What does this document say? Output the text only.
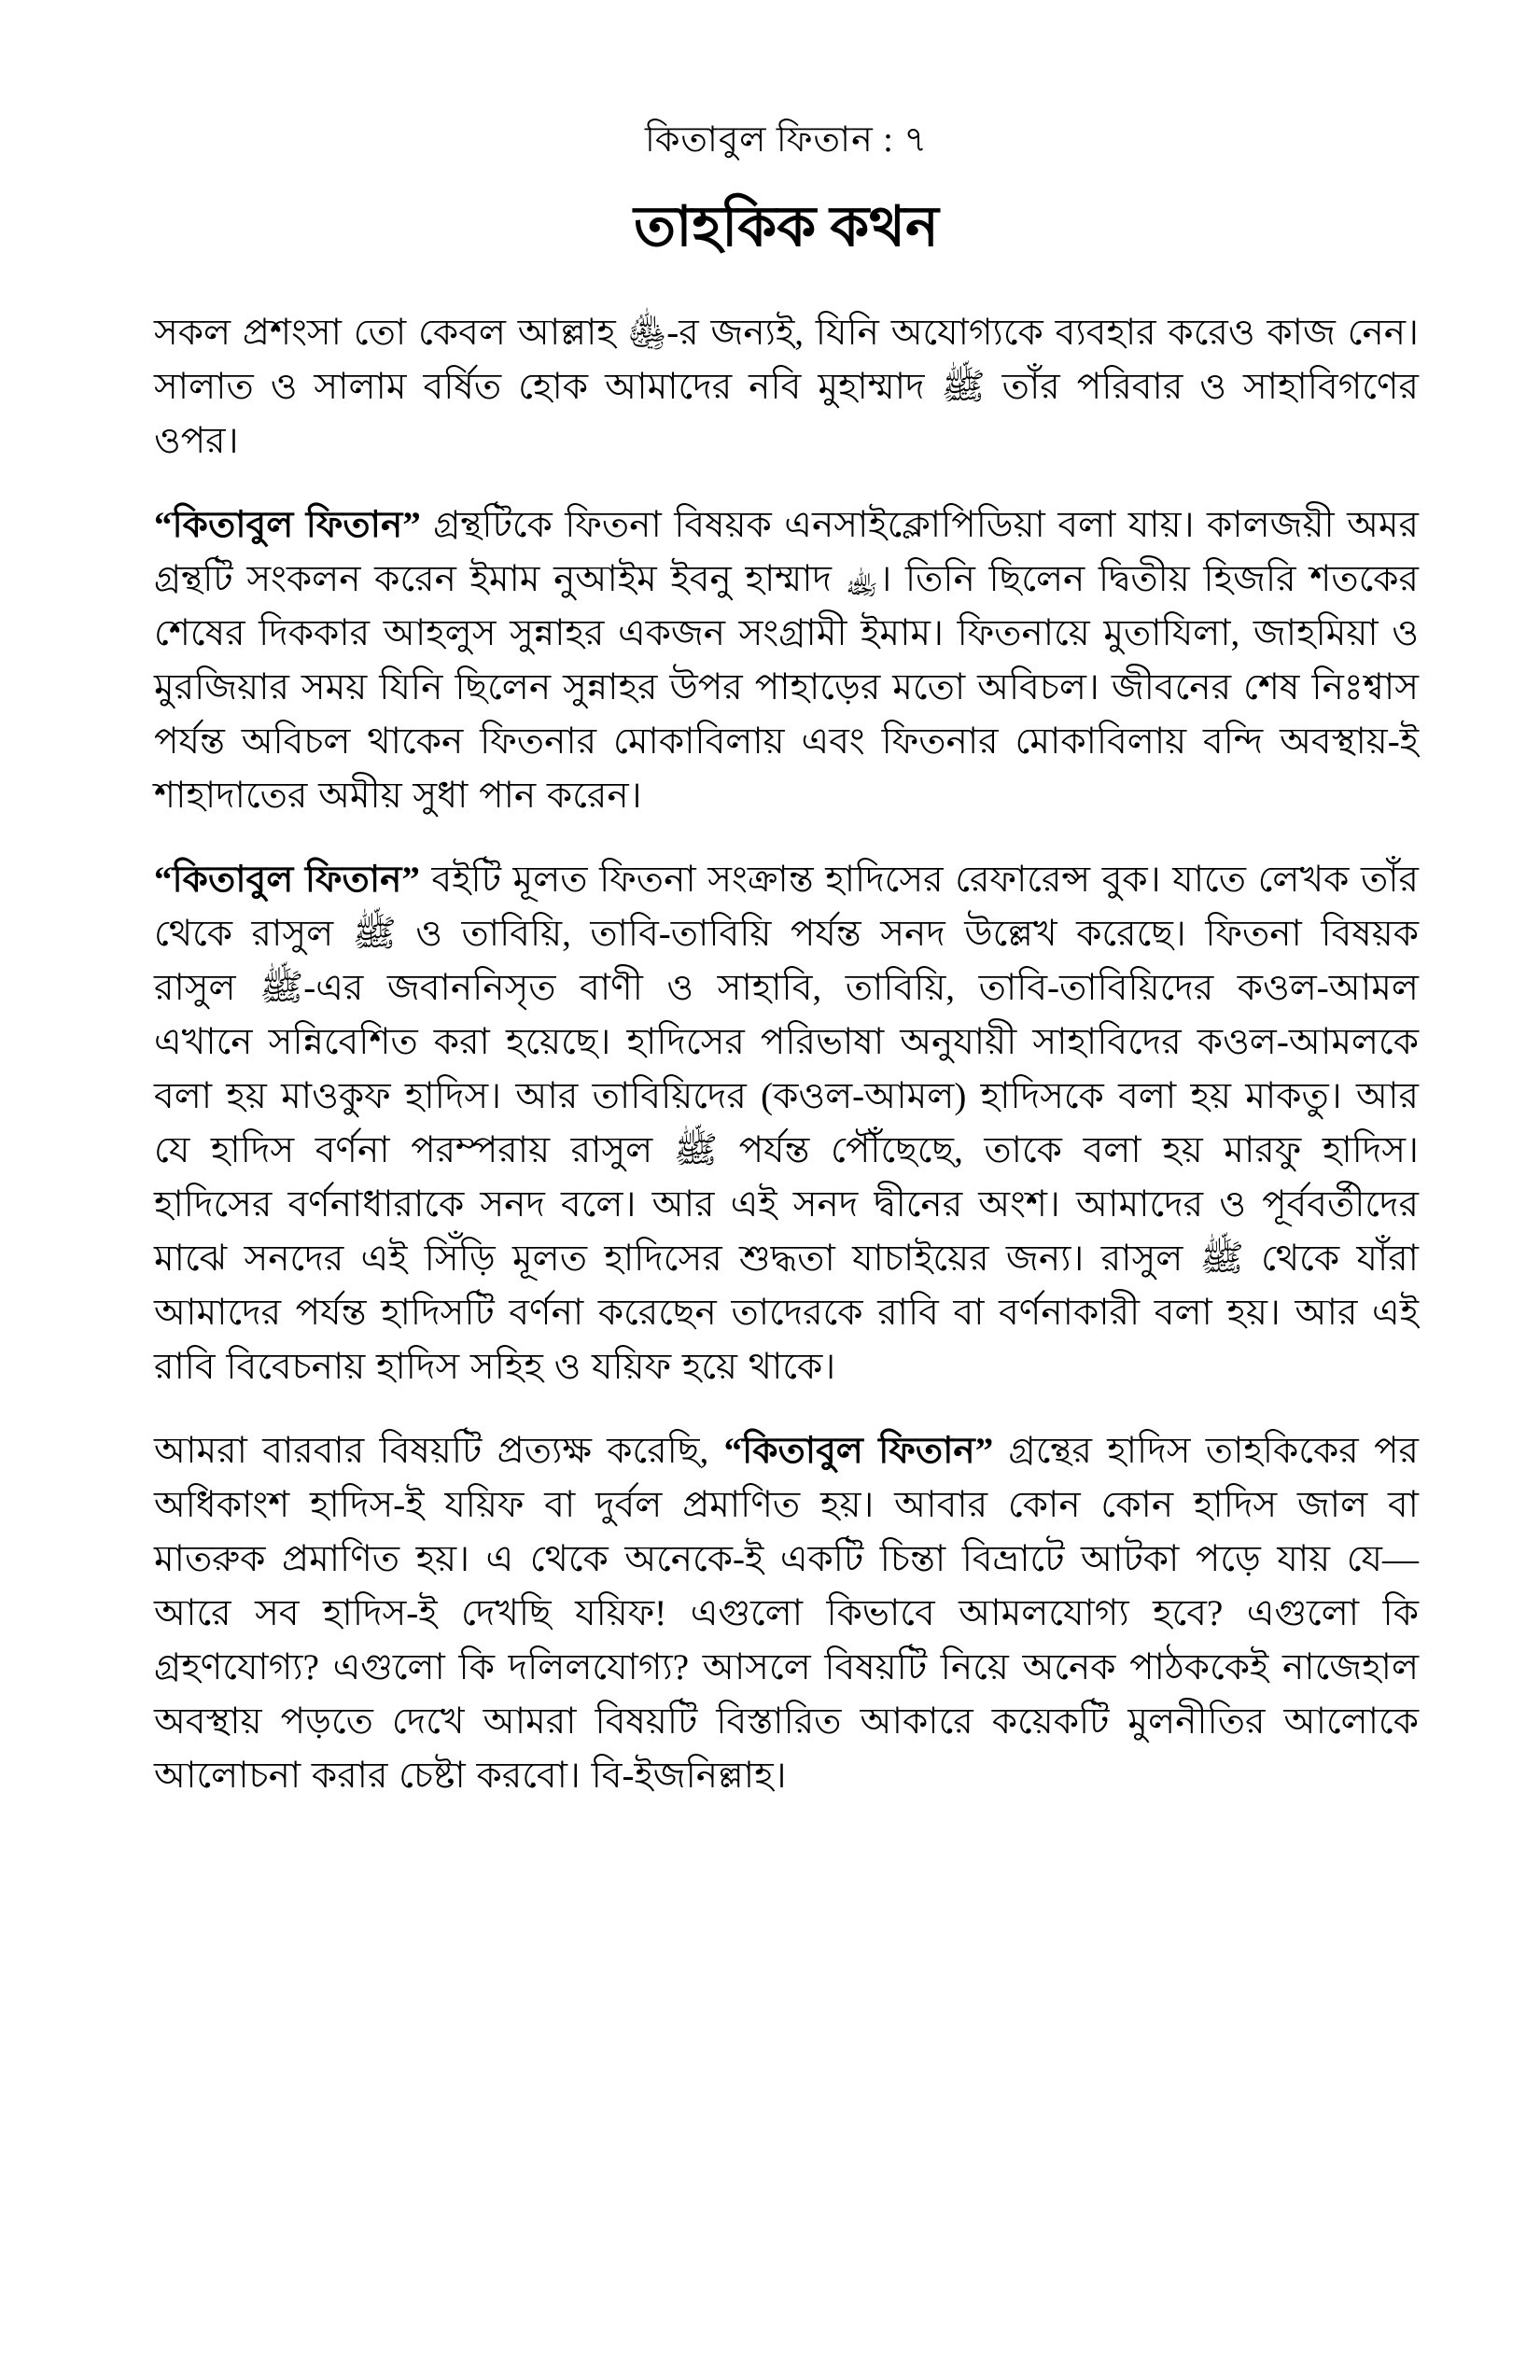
কিতাবুল ফিতান : ৭
তাহকিক কথন

সকল প্রশংসা তো কেবল আল্লাহ ﵅-র জন্যই, যিনি অযোগ্যকে ব্যবহার করেও কাজ নেন। সালাত ও সালাম বর্ষিত হোক আমাদের নবি মুহাম্মাদ ﷺ তাঁর পরিবার ও সাহাবিগণের ওপর।

“কিতাবুল ফিতান” গ্রন্থটিকে ফিতনা বিষয়ক এনসাইক্লোপিডিয়া বলা যায়। কালজয়ী অমর গ্রন্থটি সংকলন করেন ইমাম নুআইম ইবনু হাম্মাদ ﵀। তিনি ছিলেন দ্বিতীয় হিজরি শতকের শেষের দিককার আহলুস সুন্নাহর একজন সংগ্রামী ইমাম। ফিতনায়ে মুতাযিলা, জাহমিয়া ও মুরজিয়ার সময় যিনি ছিলেন সুন্নাহর উপর পাহাড়ের মতো অবিচল। জীবনের শেষ নিঃশ্বাস পর্যন্ত অবিচল থাকেন ফিতনার মোকাবিলায় এবং ফিতনার মোকাবিলায় বন্দি অবস্থায়-ই শাহাদাতের অমীয় সুধা পান করেন।

“কিতাবুল ফিতান” বইটি মূলত ফিতনা সংক্রান্ত হাদিসের রেফারেন্স বুক। যাতে লেখক তাঁর থেকে রাসুল ﷺ ও তাবিয়ি, তাবি-তাবিয়ি পর্যন্ত সনদ উল্লেখ করেছে। ফিতনা বিষয়ক রাসুল ﷺ-এর জবাননিসৃত বাণী ও সাহাবি, তাবিয়ি, তাবি-তাবিয়িদের কওল-আমল এখানে সন্নিবেশিত করা হয়েছে। হাদিসের পরিভাষা অনুযায়ী সাহাবিদের কওল-আমলকে বলা হয় মাওকুফ হাদিস। আর তাবিয়িদের (কওল-আমল) হাদিসকে বলা হয় মাকতু। আর যে হাদিস বর্ণনা পরম্পরায় রাসুল ﷺ পর্যন্ত পৌঁছেছে, তাকে বলা হয় মারফু হাদিস। হাদিসের বর্ণনাধারাকে সনদ বলে। আর এই সনদ দ্বীনের অংশ। আমাদের ও পূর্ববর্তীদের মাঝে সনদের এই সিঁড়ি মূলত হাদিসের শুদ্ধতা যাচাইয়ের জন্য। রাসুল ﷺ থেকে যাঁরা আমাদের পর্যন্ত হাদিসটি বর্ণনা করেছেন তাদেরকে রাবি বা বর্ণনাকারী বলা হয়। আর এই রাবি বিবেচনায় হাদিস সহিহ ও যয়িফ হয়ে থাকে।

আমরা বারবার বিষয়টি প্রত্যক্ষ করেছি, “কিতাবুল ফিতান” গ্রন্থের হাদিস তাহকিকের পর অধিকাংশ হাদিস-ই যয়িফ বা দুর্বল প্রমাণিত হয়। আবার কোন কোন হাদিস জাল বা মাতরুক প্রমাণিত হয়। এ থেকে অনেকে-ই একটি চিন্তা বিভ্রাটে আটকা পড়ে যায় যে—আরে সব হাদিস-ই দেখছি যয়িফ! এগুলো কিভাবে আমলযোগ্য হবে? এগুলো কি গ্রহণযোগ্য? এগুলো কি দলিলযোগ্য? আসলে বিষয়টি নিয়ে অনেক পাঠককেই নাজেহাল অবস্থায় পড়তে দেখে আমরা বিষয়টি বিস্তারিত আকারে কয়েকটি মুলনীতির আলোকে আলোচনা করার চেষ্টা করবো। বি-ইজনিল্লাহ।
